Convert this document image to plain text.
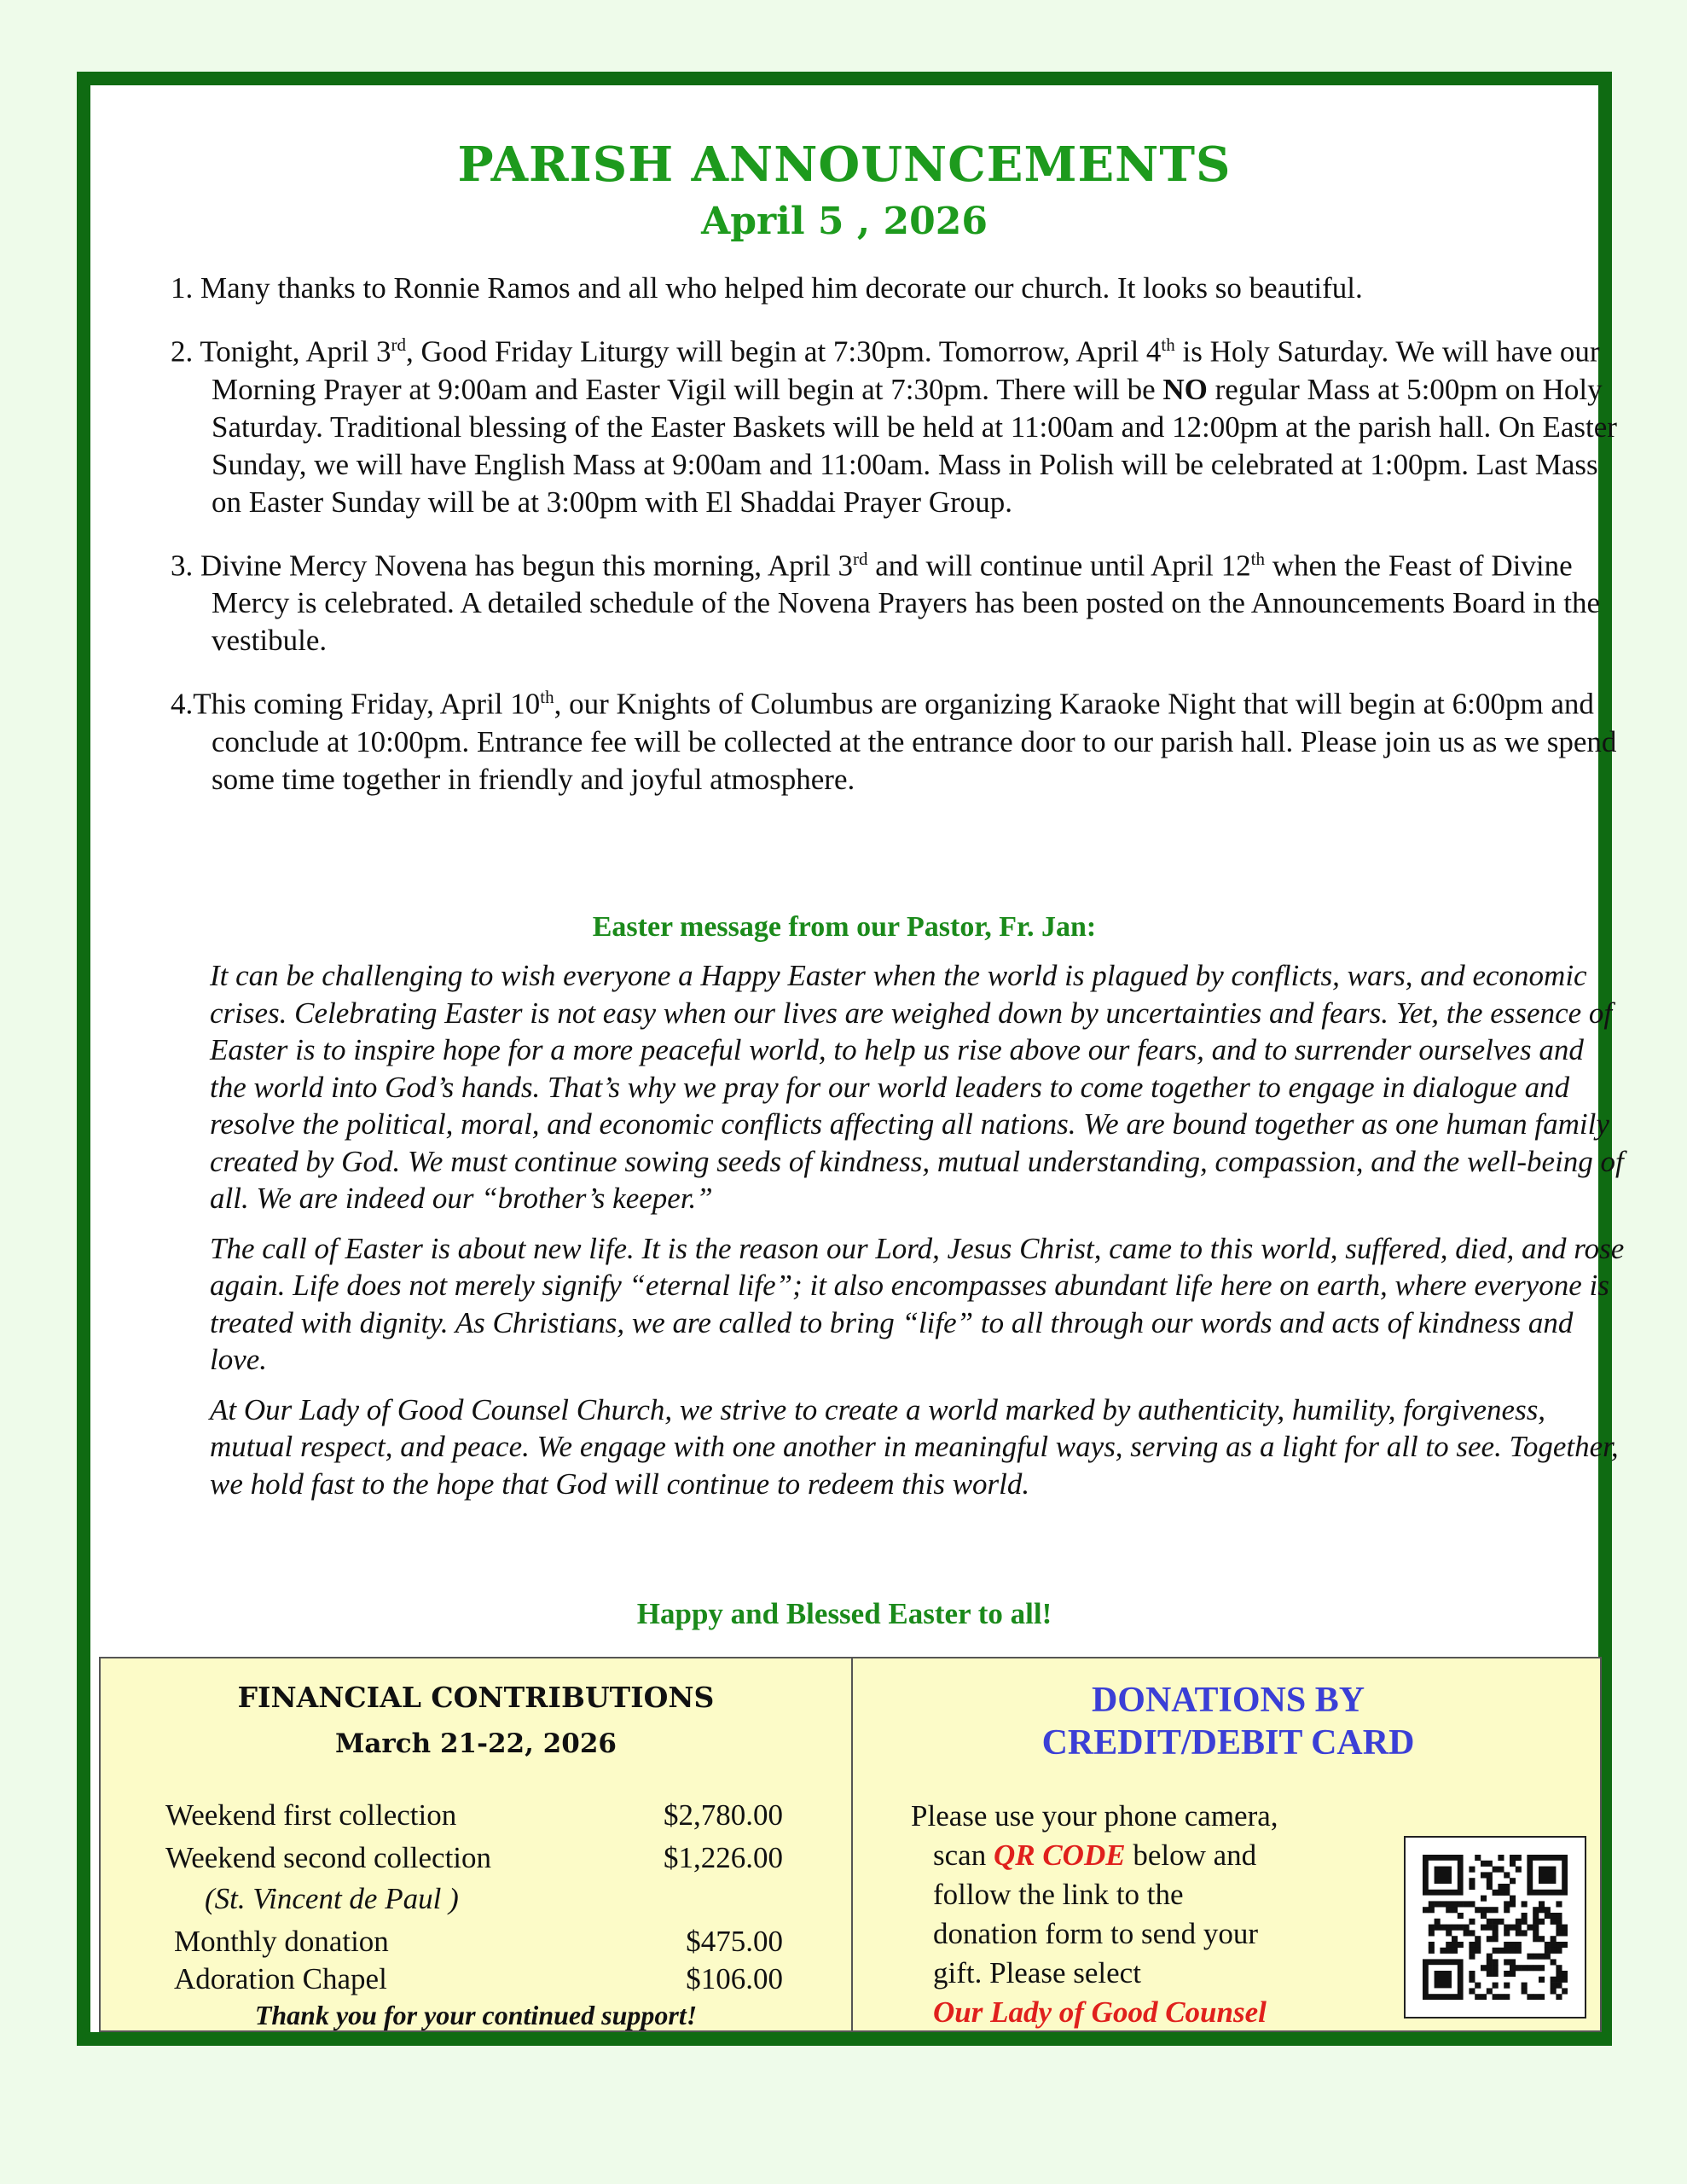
PARISH ANNOUNCEMENTS
April 5 , 2026
1. Many thanks to Ronnie Ramos and all who helped him decorate our church. It looks so beautiful.
2. Tonight, April 3rd, Good Friday Liturgy will begin at 7:30pm. Tomorrow, April 4th is Holy Saturday. We will have our Morning Prayer at 9:00am and Easter Vigil will begin at 7:30pm. There will be NO regular Mass at 5:00pm on Holy Saturday. Traditional blessing of the Easter Baskets will be held at 11:00am and 12:00pm at the parish hall. On Easter Sunday, we will have English Mass at 9:00am and 11:00am. Mass in Polish will be celebrated at 1:00pm. Last Mass on Easter Sunday will be at 3:00pm with El Shaddai Prayer Group.
3. Divine Mercy Novena has begun this morning, April 3rd and will continue until April 12th when the Feast of Divine Mercy is celebrated. A detailed schedule of the Novena Prayers has been posted on the Announcements Board in the vestibule.
4.This coming Friday, April 10th, our Knights of Columbus are organizing Karaoke Night that will begin at 6:00pm and conclude at 10:00pm. Entrance fee will be collected at the entrance door to our parish hall. Please join us as we spend some time together in friendly and joyful atmosphere.
Easter message from our Pastor, Fr. Jan:

It can be challenging to wish everyone a Happy Easter when the world is plagued by conflicts, wars, and economic crises. Celebrating Easter is not easy when our lives are weighed down by uncertainties and fears. Yet, the essence of Easter is to inspire hope for a more peaceful world, to help us rise above our fears, and to surrender ourselves and the world into God’s hands. That’s why we pray for our world leaders to come together to engage in dialogue and resolve the political, moral, and economic conflicts affecting all nations. We are bound together as one human family created by God. We must continue sowing seeds of kindness, mutual understanding, compassion, and the well-being of all. We are indeed our “brother’s keeper.”

The call of Easter is about new life. It is the reason our Lord, Jesus Christ, came to this world, suffered, died, and rose again. Life does not merely signify “eternal life”; it also encompasses abundant life here on earth, where everyone is treated with dignity. As Christians, we are called to bring “life” to all through our words and acts of kindness and love.

At Our Lady of Good Counsel Church, we strive to create a world marked by authenticity, humility, forgiveness, mutual respect, and peace. We engage with one another in meaningful ways, serving as a light for all to see. Together, we hold fast to the hope that God will continue to redeem this world.

Happy and Blessed Easter to all!
FINANCIAL CONTRIBUTIONS
March 21-22, 2026
Weekend first collection	$2,780.00
Weekend second collection	$1,226.00
(St. Vincent de Paul )
Monthly donation	$475.00
Adoration Chapel	$106.00
Thank you for your continued support!
DONATIONS BY
CREDIT/DEBIT CARD
Please use your phone camera,
scan QR CODE below and
follow the link to the
donation form to send your
gift. Please select
Our Lady of Good Counsel
